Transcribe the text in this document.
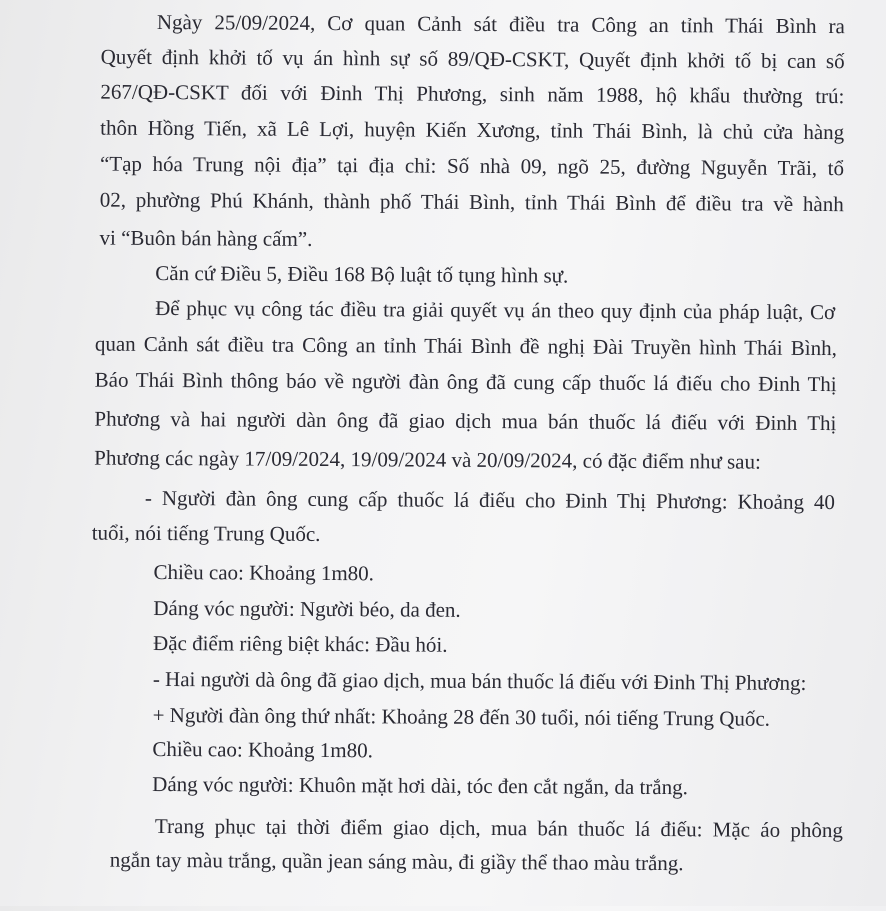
Ngày 25/09/2024, Cơ quan Cảnh sát điều tra Công an tỉnh Thái Bình ra
Quyết định khởi tố vụ án hình sự số 89/QĐ-CSKT, Quyết định khởi tố bị can số
267/QĐ-CSKT đối với Đinh Thị Phương, sinh năm 1988, hộ khẩu thường trú:
thôn Hồng Tiến, xã Lê Lợi, huyện Kiến Xương, tỉnh Thái Bình, là chủ cửa hàng
“Tạp hóa Trung nội địa” tại địa chỉ: Số nhà 09, ngõ 25, đường Nguyễn Trãi, tổ
02, phường Phú Khánh, thành phố Thái Bình, tỉnh Thái Bình để điều tra về hành
vi “Buôn bán hàng cấm”.
Căn cứ Điều 5, Điều 168 Bộ luật tố tụng hình sự.
Để phục vụ công tác điều tra giải quyết vụ án theo quy định của pháp luật, Cơ
quan Cảnh sát điều tra Công an tỉnh Thái Bình đề nghị Đài Truyền hình Thái Bình,
Báo Thái Bình thông báo về người đàn ông đã cung cấp thuốc lá điếu cho Đinh Thị
Phương và hai người dàn ông đã giao dịch mua bán thuốc lá điếu với Đinh Thị
Phương các ngày 17/09/2024, 19/09/2024 và 20/09/2024, có đặc điểm như sau:
- Người đàn ông cung cấp thuốc lá điếu cho Đinh Thị Phương: Khoảng 40
tuổi, nói tiếng Trung Quốc.
Chiều cao: Khoảng 1m80.
Dáng vóc người: Người béo, da đen.
Đặc điểm riêng biệt khác: Đầu hói.
- Hai người dà ông đã giao dịch, mua bán thuốc lá điếu với Đinh Thị Phương:
+ Người đàn ông thứ nhất: Khoảng 28 đến 30 tuổi, nói tiếng Trung Quốc.
Chiều cao: Khoảng 1m80.
Dáng vóc người: Khuôn mặt hơi dài, tóc đen cắt ngắn, da trắng.
Trang phục tại thời điểm giao dịch, mua bán thuốc lá điếu: Mặc áo phông
ngắn tay màu trắng, quần jean sáng màu, đi giầy thể thao màu trắng.
